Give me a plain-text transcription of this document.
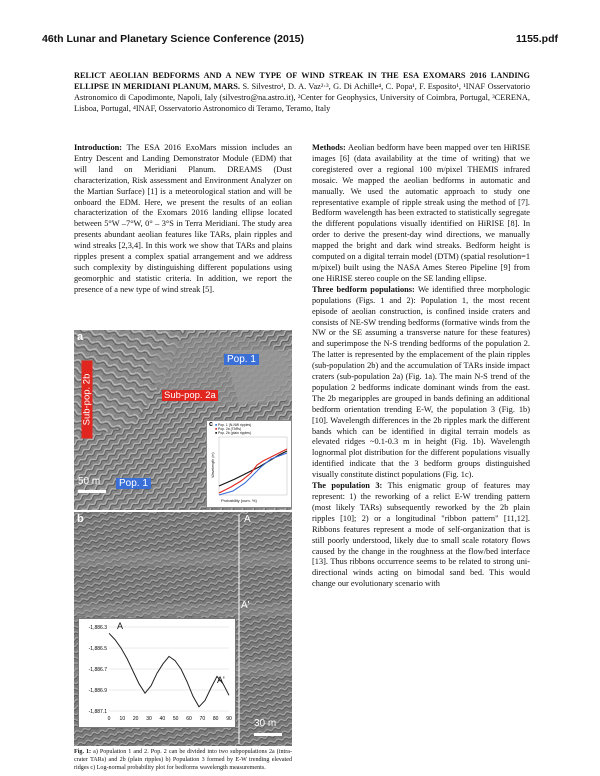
46th Lunar and Planetary Science Conference (2015)	1155.pdf
RELICT AEOLIAN BEDFORMS AND A NEW TYPE OF WIND STREAK IN THE ESA EXOMARS 2016 LANDING ELLIPSE IN MERIDIANI PLANUM, MARS. S. Silvestro¹, D. A. Vaz²·³, G. Di Achille⁴, C. Popa¹, F. Esposito¹, ¹INAF Osservatorio Astronomico di Capodimonte, Napoli, Ialy (silvestro@na.astro.it), ²Center for Geophysics, University of Coimbra, Portugal, ³CERENA, Lisboa, Portugal, ⁴INAF, Osservatorio Astronomico di Teramo, Teramo, Italy

Introduction: The ESA 2016 ExoMars mission includes an Entry Descent and Landing Demonstrator Module (EDM) that will land on Meridiani Planum. DREAMS (Dust characterization, Risk assessment and Environment Analyzer on the Martian Surface) [1] is a meteorological station and will be onboard the EDM. Here, we present the results of an eolian characterization of the Exomars 2016 landing ellipse located between 5°W –7°W, 0° – 3°S in Terra Meridiani. The study area presents abundant aeolian features like TARs, plain ripples and wind streaks [2,3,4]. In this work we show that TARs and plains ripples present a complex spatial arrangement and we address such complexity by distinguishing different populations using geomorphic and statistic criteria. In addition, we report the presence of a new type of wind streak [5].

a
Pop. 1
Sub-pop. 2a
Sub-pop. 2b
50 m	Pop. 1
c ■ Pop. 1 (N-NW ripples)
■ Pop. 2a (TARs)
■ Pop. 2b (plain ripples)
Wavelength (m)
Probability (cum. %)
b	A
A'
30 m
-1,886.3
-1,886.5
-1,886.7
-1,886.9
-1,887.1
0 10 20 30 40 50 60 70 80 90
A
A'
Fig. 1: a) Population 1 and 2. Pop. 2 can be divided into two subpopulations 2a (intra-crater TARs) and 2b (plain ripples) b) Population 3 formed by E-W trending elevated ridges c) Log-normal probability plot for bedforms wavelength measurements.

Methods: Aeolian bedform have been mapped over ten HiRISE images [6] (data availability at the time of writing) that we coregistered over a regional 100 m/pixel THEMIS infrared mosaic. We mapped the aeolian bedforms in automatic and manually. We used the automatic approach to study one representative example of ripple streak using the method of [7]. Bedform wavelength has been extracted to statistically segregate the different populations visually identified on HiRISE [8]. In order to derive the present-day wind directions, we manually mapped the bright and dark wind streaks. Bedform height is computed on a digital terrain model (DTM) (spatial resolution=1 m/pixel) built using the NASA Ames Stereo Pipeline [9] from one HiRISE stereo couple on the SE landing ellipse.

Three bedform populations: We identified three morphologic populations (Figs. 1 and 2): Population 1, the most recent episode of aeolian construction, is confined inside craters and consists of NE-SW trending bedforms (formative winds from the NW or the SE assuming a transverse nature for these features) and superimpose the N-S trending bedforms of the population 2. The latter is represented by the emplacement of the plain ripples (sub-population 2b) and the accumulation of TARs inside impact craters (sub-population 2a) (Fig. 1a). The main N-S trend of the population 2 bedforms indicate dominant winds from the east. The 2b megaripples are grouped in bands defining an additional bedform orientation trending E-W, the population 3 (Fig. 1b) [10]. Wavelength differences in the 2b ripples mark the different bands which can be identified in digital terrain models as elevated ridges ~0.1-0.3 m in height (Fig. 1b). Wavelength lognormal plot distribution for the different populations visually identified indicate that the 3 bedform groups distinguished visually constitute distinct populations (Fig. 1c).

The population 3: This enigmatic group of features may represent: 1) the reworking of a relict E-W trending pattern (most likely TARs) subsequently reworked by the 2b plain ripples [10]; 2) or a longitudinal "ribbon pattern" [11,12]. Ribbons features represent a mode of self-organization that is still poorly understood, likely due to small scale rotatory flows caused by the change in the roughness at the flow/bed interface [13]. Thus ribbons occurrence seems to be related to strong uni-directional winds acting on bimodal sand bed. This would change our evolutionary scenario with
